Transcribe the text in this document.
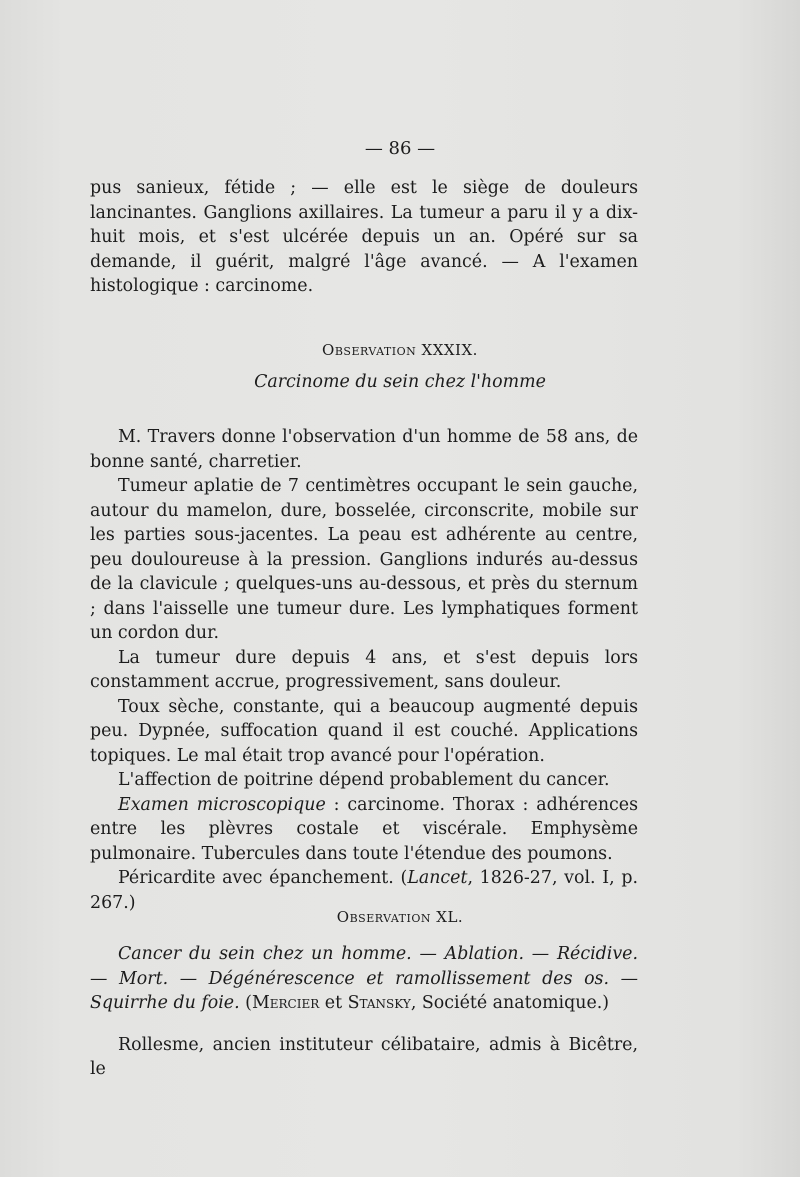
— 86 —

pus sanieux, fétide ; — elle est le siège de douleurs lancinantes. Ganglions axillaires. La tumeur a paru il y a dix-huit mois, et s'est ulcérée depuis un an. Opéré sur sa demande, il guérit, malgré l'âge avancé. — A l'examen histologique : carcinome.

Observation XXXIX.
Carcinome du sein chez l'homme

M. Travers donne l'observation d'un homme de 58 ans, de bonne santé, charretier.

Tumeur aplatie de 7 centimètres occupant le sein gauche, autour du mamelon, dure, bosselée, circonscrite, mobile sur les parties sous-jacentes. La peau est adhérente au centre, peu douloureuse à la pression. Ganglions indurés au-dessus de la clavicule ; quelques-uns au-dessous, et près du sternum ; dans l'aisselle une tumeur dure. Les lymphatiques forment un cordon dur.

La tumeur dure depuis 4 ans, et s'est depuis lors constamment accrue, progressivement, sans douleur.

Toux sèche, constante, qui a beaucoup augmenté depuis peu. Dypnée, suffocation quand il est couché. Applications topiques. Le mal était trop avancé pour l'opération.

L'affection de poitrine dépend probablement du cancer.

Examen microscopique : carcinome. Thorax : adhérences entre les plèvres costale et viscérale. Emphysème pulmonaire. Tubercules dans toute l'étendue des poumons.

Péricardite avec épanchement. (Lancet, 1826-27, vol. I, p. 267.)

Observation XL.

Cancer du sein chez un homme. — Ablation. — Récidive. — Mort. — Dégénérescence et ramollissement des os. — Squirrhe du foie. (Mercier et Stansky, Société anatomique.)

Rollesme, ancien instituteur célibataire, admis à Bicêtre, le
